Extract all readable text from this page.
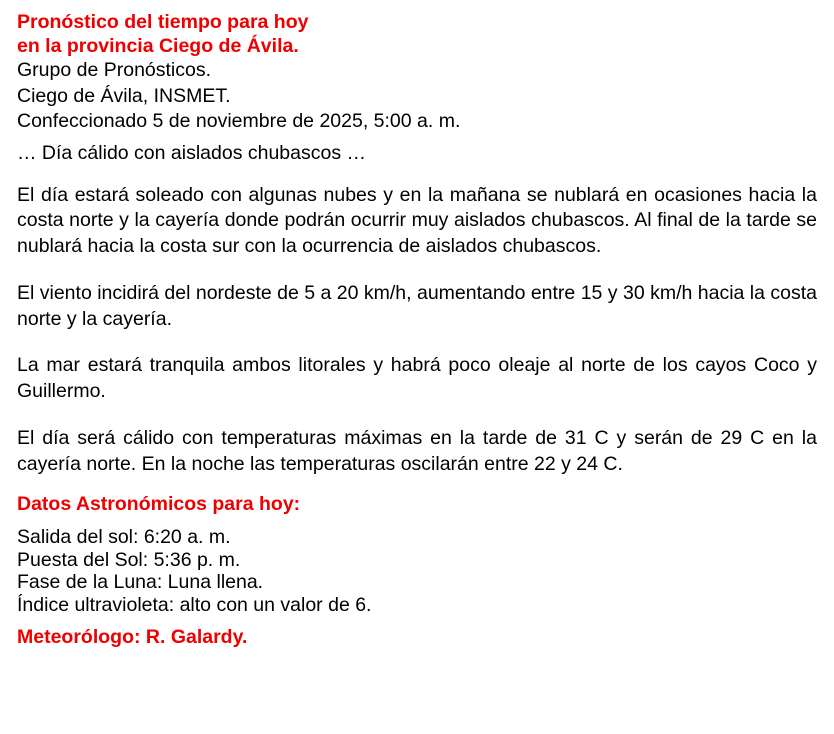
Pronóstico del tiempo para hoy
en la provincia Ciego de Ávila.
Grupo de Pronósticos.
Ciego de Ávila, INSMET.
Confeccionado 5 de noviembre de 2025, 5:00 a. m.
… Día cálido con aislados chubascos …

El día estará soleado con algunas nubes y en la mañana se nublará en ocasiones hacia la costa norte y la cayería donde podrán ocurrir muy aislados chubascos. Al final de la tarde se nublará hacia la costa sur con la ocurrencia de aislados chubascos.

El viento incidirá del nordeste de 5 a 20 km/h, aumentando entre 15 y 30 km/h hacia la costa norte y la cayería.

La mar estará tranquila ambos litorales y habrá poco oleaje al norte de los cayos Coco y Guillermo.

El día será cálido con temperaturas máximas en la tarde de 31 C y serán de 29 C en la cayería norte. En la noche las temperaturas oscilarán entre 22 y 24 C.

Datos Astronómicos para hoy:
Salida del sol: 6:20 a. m.
Puesta del Sol: 5:36 p. m.
Fase de la Luna: Luna llena.
Índice ultravioleta: alto con un valor de 6.
Meteorólogo: R. Galardy.
